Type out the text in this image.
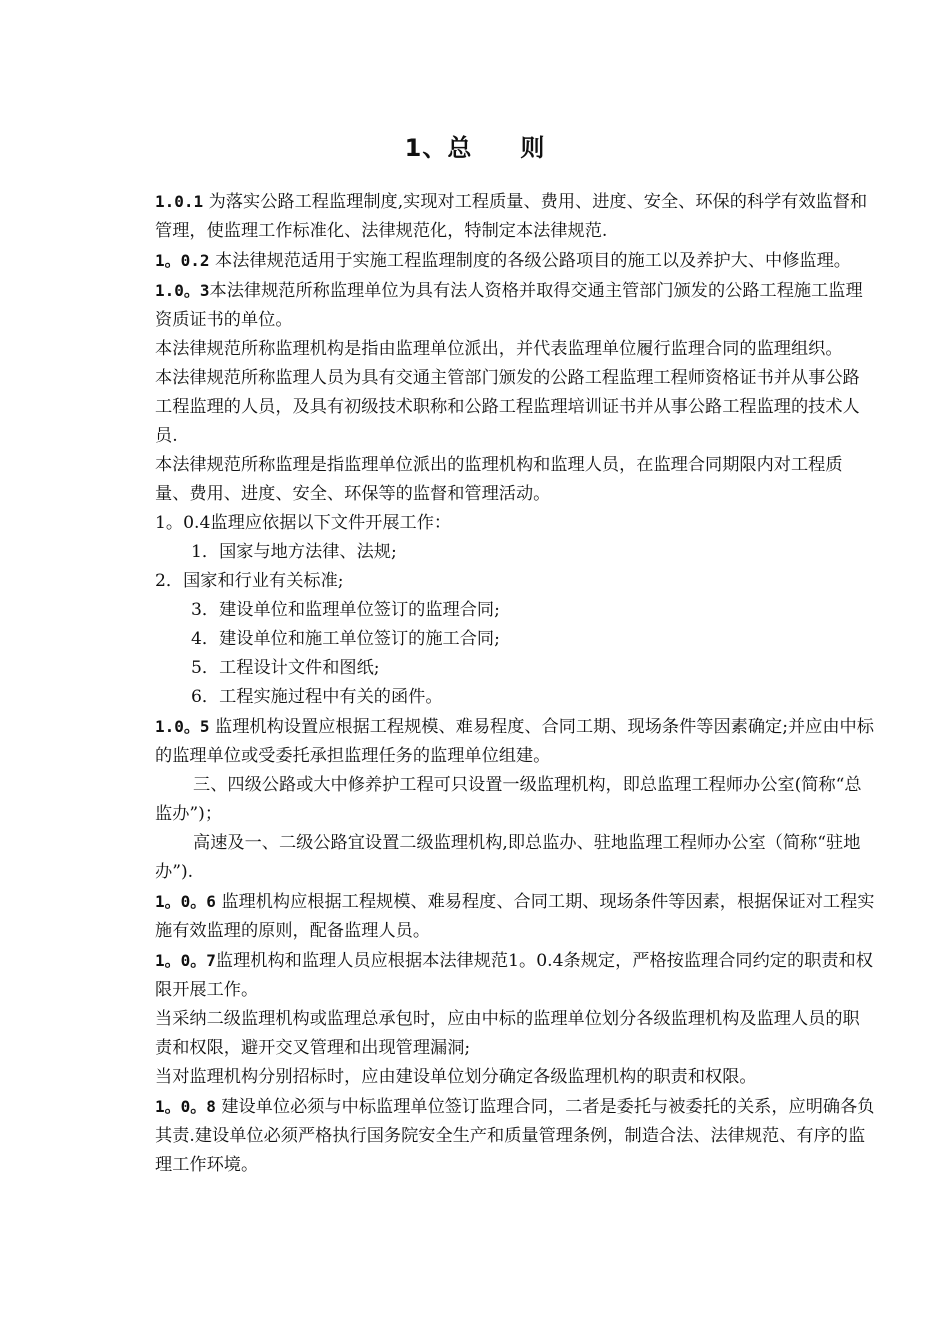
1、总 则

1.0.1 为落实公路工程监理制度,实现对工程质量、费用、进度、安全、环保的科学有效监督和管理，使监理工作标准化、法律规范化，特制定本法律规范.

1。0.2 本法律规范适用于实施工程监理制度的各级公路项目的施工以及养护大、中修监理。

1.0。3本法律规范所称监理单位为具有法人资格并取得交通主管部门颁发的公路工程施工监理资质证书的单位。

本法律规范所称监理机构是指由监理单位派出，并代表监理单位履行监理合同的监理组织。

本法律规范所称监理人员为具有交通主管部门颁发的公路工程监理工程师资格证书并从事公路工程监理的人员，及具有初级技术职称和公路工程监理培训证书并从事公路工程监理的技术人员.

本法律规范所称监理是指监理单位派出的监理机构和监理人员，在监理合同期限内对工程质量、费用、进度、安全、环保等的监督和管理活动。

1。0.4监理应依据以下文件开展工作：

1．国家与地方法律、法规;

2．国家和行业有关标准;

3．建设单位和监理单位签订的监理合同;

4．建设单位和施工单位签订的施工合同;

5．工程设计文件和图纸;

6．工程实施过程中有关的函件。

1.0。5 监理机构设置应根据工程规模、难易程度、合同工期、现场条件等因素确定;并应由中标的监理单位或受委托承担监理任务的监理单位组建。

三、四级公路或大中修养护工程可只设置一级监理机构，即总监理工程师办公室(简称“总监办”)；

高速及一、二级公路宜设置二级监理机构,即总监办、驻地监理工程师办公室（简称“驻地办”).

1。0。6 监理机构应根据工程规模、难易程度、合同工期、现场条件等因素，根据保证对工程实施有效监理的原则，配备监理人员。

1。0。7监理机构和监理人员应根据本法律规范1。0.4条规定，严格按监理合同约定的职责和权限开展工作。

当采纳二级监理机构或监理总承包时，应由中标的监理单位划分各级监理机构及监理人员的职责和权限，避开交叉管理和出现管理漏洞;

当对监理机构分别招标时，应由建设单位划分确定各级监理机构的职责和权限。

1。0。8 建设单位必须与中标监理单位签订监理合同，二者是委托与被委托的关系，应明确各负其责.建设单位必须严格执行国务院安全生产和质量管理条例，制造合法、法律规范、有序的监理工作环境。
